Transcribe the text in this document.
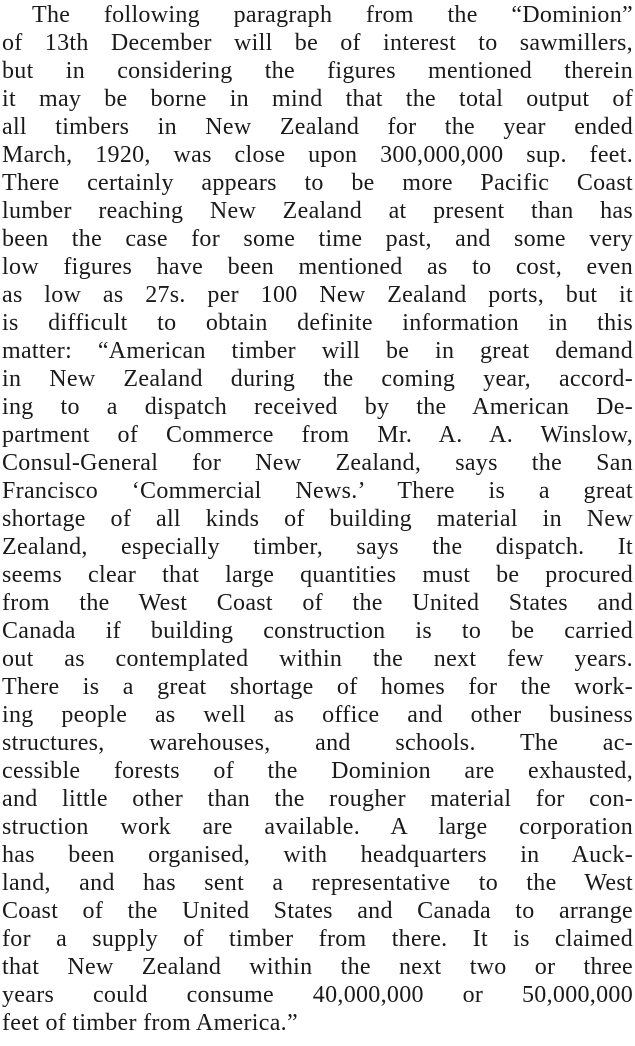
The following paragraph from the “Dominion”
of 13th December will be of interest to sawmillers,
but in considering the figures mentioned therein
it may be borne in mind that the total output of
all timbers in New Zealand for the year ended
March, 1920, was close upon 300,000,000 sup. feet.
There certainly appears to be more Pacific Coast
lumber reaching New Zealand at present than has
been the case for some time past, and some very
low figures have been mentioned as to cost, even
as low as 27s. per 100 New Zealand ports, but it
is difficult to obtain definite information in this
matter: “American timber will be in great demand
in New Zealand during the coming year, accord-
ing to a dispatch received by the American De-
partment of Commerce from Mr. A. A. Winslow,
Consul-General for New Zealand, says the San
Francisco ‘Commercial News.’ There is a great
shortage of all kinds of building material in New
Zealand, especially timber, says the dispatch. It
seems clear that large quantities must be procured
from the West Coast of the United States and
Canada if building construction is to be carried
out as contemplated within the next few years.
There is a great shortage of homes for the work-
ing people as well as office and other business
structures, warehouses, and schools. The ac-
cessible forests of the Dominion are exhausted,
and little other than the rougher material for con-
struction work are available. A large corporation
has been organised, with headquarters in Auck-
land, and has sent a representative to the West
Coast of the United States and Canada to arrange
for a supply of timber from there. It is claimed
that New Zealand within the next two or three
years could consume 40,000,000 or 50,000,000
feet of timber from America.”
